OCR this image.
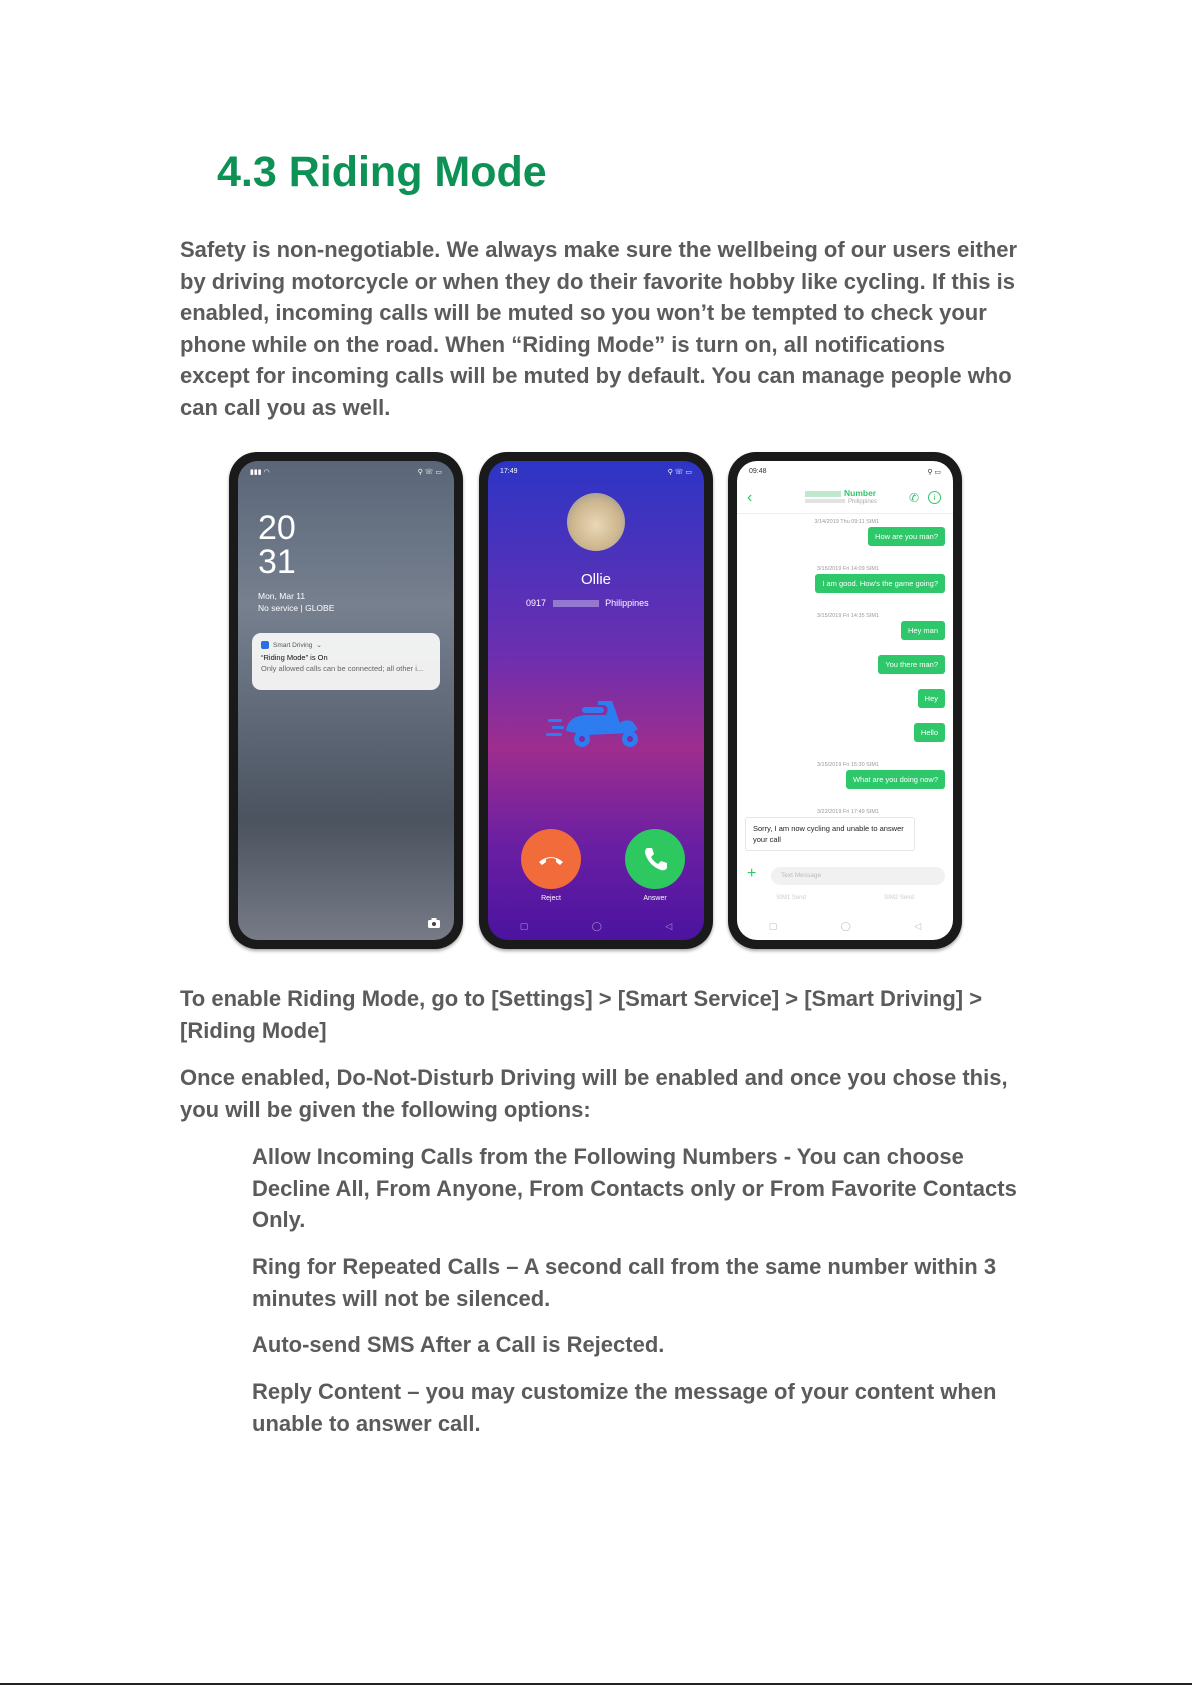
4.3 Riding Mode

Safety is non-negotiable. We always make sure the wellbeing of our users either by driving motorcycle or when they do their favorite hobby like cycling. If this is enabled, incoming calls will be muted so you won’t be tempted to check your phone while on the road. When “Riding Mode” is turn on, all notifications except for incoming calls will be muted by default. You can manage people who can call you as well.

▮▮▮ ◠	⚲ ☏ ▭
20
31
Mon, Mar 11
No service | GLOBE
Smart Driving ⌄
“Riding Mode” is On
Only allowed calls can be connected; all other i...
17:49	⚲ ☏ ▭
Ollie
0917	Philippines
Reject	Answer
▢	◯	◁
09:48	⚲ ▭
‹	Number
Philippines	✆	i
3/14/2019 Thu 09:11 SIM1
How are you man?
3/15/2019 Fri 14:09 SIM1
I am good. How's the game going?
3/15/2019 Fri 14:35 SIM1
Hey man
You there man?
Hey
Hello
3/15/2019 Fri 15:30 SIM1
What are you doing now?
3/22/2019 Fri 17:49 SIM1
Sorry, I am now cycling and unable to answer your call
+	Text Message
SIM1 Send	SIM2 Send
▢	◯	◁

To enable Riding Mode, go to [Settings] > [Smart Service] > [Smart Driving] > [Riding Mode]

Once enabled, Do-Not-Disturb Driving will be enabled and once you chose this, you will be given the following options:

Allow Incoming Calls from the Following Numbers - You can choose Decline All, From Anyone, From Contacts only or From Favorite Contacts Only.

Ring for Repeated Calls – A second call from the same number within 3 minutes will not be silenced.

Auto-send SMS After a Call is Rejected.

Reply Content – you may customize the message of your content when unable to answer call.
